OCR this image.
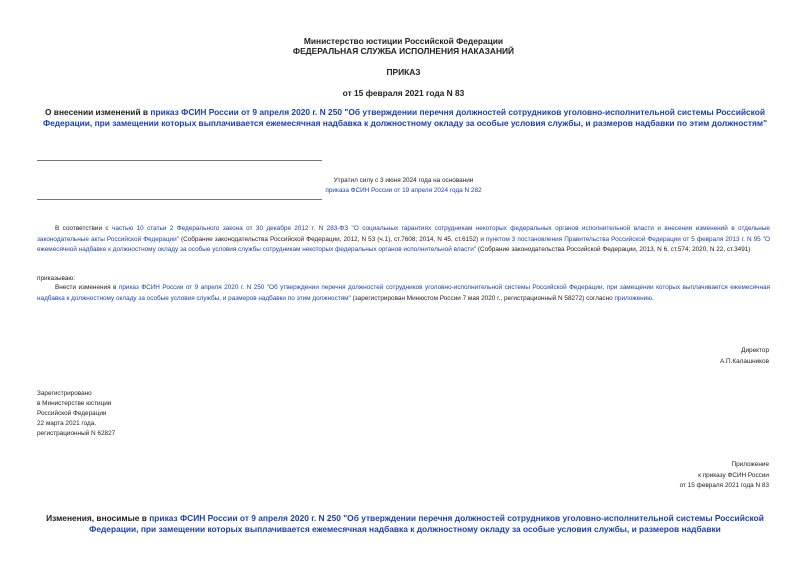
Министерство юстиции Российской Федерации
ФЕДЕРАЛЬНАЯ СЛУЖБА ИСПОЛНЕНИЯ НАКАЗАНИЙ
ПРИКАЗ
от 15 февраля 2021 года N 83
О внесении изменений в приказ ФСИН России от 9 апреля 2020 г. N 250 "Об утверждении перечня должностей сотрудников уголовно-исполнительной системы Российской Федерации, при замещении которых выплачивается ежемесячная надбавка к должностному окладу за особые условия службы, и размеров надбавки по этим должностям"
Утратил силу с 3 июня 2024 года на основании
приказа ФСИН России от 19 апреля 2024 года N 282
В соответствии с частью 10 статьи 2 Федерального закона от 30 декабря 2012 г. N 283-ФЗ "О социальных гарантиях сотрудникам некоторых федеральных органов исполнительной власти и внесении изменений в отдельные законодательные акты Российской Федерации" (Собрание законодательства Российской Федерации, 2012, N 53 (ч.1), ст.7608; 2014, N 45, ст.6152) и пунктом 3 постановления Правительства Российской Федерации от 5 февраля 2013 г. N 95 "О ежемесячной надбавке к должностному окладу за особые условия службы сотрудникам некоторых федеральных органов исполнительной власти" (Собрание законодательства Российской Федерации, 2013, N 6, ст.574; 2020, N 22, ст.3491)
приказываю:
Внести изменения в приказ ФСИН России от 9 апреля 2020 г. N 250 "Об утверждении перечня должностей сотрудников уголовно-исполнительной системы Российской Федерации, при замещении которых выплачивается ежемесячная надбавка к должностному окладу за особые условия службы, и размеров надбавки по этим должностям" (зарегистрирован Минюстом России 7 мая 2020 г., регистрационный N 58272) согласно приложению.
Директор
А.П.Калашников
Зарегистрировано
в Министерстве юстиции
Российской Федерации
22 марта 2021 года,
регистрационный N 62827
Приложение
к приказу ФСИН России
от 15 февраля 2021 года N 83
Изменения, вносимые в приказ ФСИН России от 9 апреля 2020 г. N 250 "Об утверждении перечня должностей сотрудников уголовно-исполнительной системы Российской Федерации, при замещении которых выплачивается ежемесячная надбавка к должностному окладу за особые условия службы, и размеров надбавки
